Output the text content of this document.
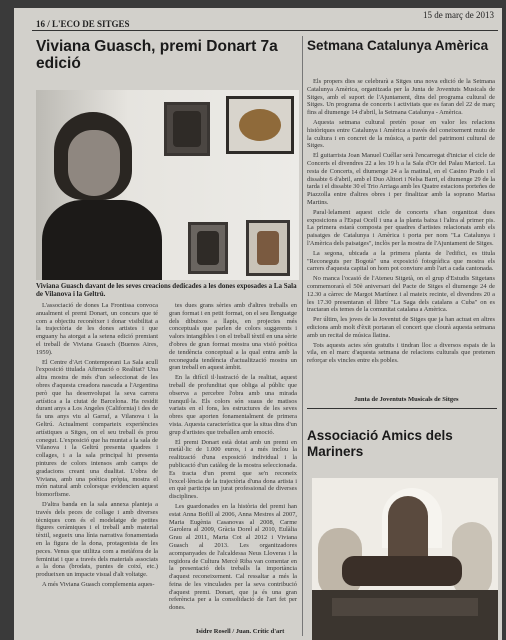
16 / L'ECO DE SITGES
15 de març de 2013
Viviana Guasch, premi Donart 7a edició
Viviana Guasch davant de les seves creacions dedicades a les dones exposades a La Sala de Vilanova i la Geltrú.

L'associació de dones La Frontissa convoca anualment el premi Donart, un concurs que té com a objectiu reconèixer i donar visibilitat a la trajectòria de les dones artistes i que enguany ha atorgat a la setena edició premiant el treball de Viviana Guasch (Buenos Aires, 1959).

El Centre d'Art Contemporani La Sala acull l'exposició titulada Afirmació o Realitat? Una altra mostra de més d'un seleccionat de les obres d'aquesta creadora nascuda a l'Argentina però que ha desenvolupat la seva carrera artística a la ciutat de Barcelona. Ha residit durant anys a Los Angeles (California) i des de fa uns anys viu al Garraf, a Vilanova i la Geltrú. Actualment comparteix experiències artístiques a Sitges, on el seu treball és prou conegut. L'exposició que ha muntat a la sala de Vilanova i la Geltrú presenta quadres i collages, i a la sala principal hi presenta pintures de colors intensos amb camps de gradacions creant una dualitat. L'obra de Viviana, amb una poètica pròpia, mostra el món natural amb colorsque evidencien aquest biomorfisme.

D'altra banda en la sala annexa planteja a través dels peces de collage i amb diverses tècniques com és el modelatge de petites figures ceràmiques i el treball amb material tèxtil, segueix una línia narrativa fonamentada en la figura de la dona, protagonista de les peces. Venus que utilitza com a metàfora de la feminitat i que a través dels materials associats a la dona (brodats, puntes de coixí, etc.) produeixen un impacte visual d'alt voltatge.

A més Viviana Guasch complementa aques-

tes dues grans sèries amb d'altres treballs en gran format i en petit format, on el seu llenguatge dels dibuixos a llapis, en projectes més conceptuals que parlen de colors suggerents i valors intangibles i on el treball tèxtil en una sèrie d'obres de gran format mostra una visió poètica de tendència conceptual a la qual entra amb la reconeguda tendència d'actualització mostra un gran treball en aquest àmbit.

En la difícil il·lustració de la realitat, aquest treball de profunditat que obliga al públic que observa a percebre l'obra amb una mirada tranquil·la. Els colors són suaus de matisos variats en el fons, les estructures de les seves obres que aporten fonamentalment de primera vista. Aquesta característica que la situa dins d'un grup d'artistes que treballen amb emoció.

El premi Donart està dotat amb un premi en metàl·lic de 1.000 euros, i a més inclou la realització d'una exposició individual i la publicació d'un catàleg de la mostra seleccionada. Es tracta d'un premi que se'n reconeix l'excel·lència de la trajectòria d'una dona artista i en què participa un jurat professional de diverses disciplines.

Les guardonades en la història del premi han estat Anna Bofill al 2006, Anna Mestres al 2007, Maria Eugènia Casanovas al 2008, Carme Garolera al 2009, Gràcia Dorel al 2010, Eulàlia Grau al 2011, Marta Cot al 2012 i Viviana Guasch al 2013. Les organitzadores acompanyades de l'alcaldessa Neus Lloveras i la regidora de Cultura Mercè Riba van comentar en la presentació dels treballs la importància d'aquest reconeixement. Cal ressaltar a més la feina de les vinculades per la seva contribució d'aquest premi. Donart, que ja és una gran referència per a la consolidació de l'art fet per dones.

Isidre Rosell / Juan. Crític d'art
Setmana Catalunya Amèrica

Els propers dies se celebrarà a Sitges una nova edició de la Setmana Catalunya Amèrica, organitzada per la Junta de Joventuts Musicals de Sitges, amb el suport de l'Ajuntament, dins del programa cultural de Sitges. Un programa de concerts i activitats que es faran del 22 de març fins al diumenge 14 d'abril, la Setmana Catalunya - Amèrica.

Aquesta setmana cultural pretén posar en valor les relacions històriques entre Catalunya i Amèrica a través del coneixement mutu de la cultura i en concret de la música, a partir del patrimoni cultural de Sitges.

El guitarrista Joan Manuel Cuéllar serà l'encarregat d'iniciar el cicle de Concerts el divendres 22 a les 19 h a la Sala d'Or del Palau Maricel. La resta de Concerts, el diumenge 24 a la matinal, en el Casino Prado i el dissabte 6 d'abril, amb el Duo Alttori i Nelsa Barri, el diumenge 29 de la tarda i el dissabte 30 el Trio Arriaga amb les Quatre estacions porteñes de Piazzolla entre d'altres obres i per finalitzar amb la soprano Marisa Martins.

Paral·lelament aquest cicle de concerts s'han organitzat dues exposicions a l'Espai Ocell i una a la planta baixa i l'altra al primer pis. La primera estarà composta per quadres d'artistes relacionats amb els paisatges de Catalunya i Amèrica i porta per nom "La Catalunya i l'Amèrica dels paisatges", inclòs per la mostra de l'Ajuntament de Sitges.

La segona, ubicada a la primera planta de l'edifici, es titula "Reconeguts per Bogotà" una exposició fotogràfica que mostra els carrers d'aquesta capital on hom pot conviure amb l'art a cada cantonada.

No manca l'ocasió de l'Ateneu Sitgetà, on el grup d'Estudis Sitgetans commemorarà el 50è aniversari del Pacte de Sitges el diumenge 24 de 12.30 a càrrec de Margot Martínez i al mateix recinte, el divendres 20 a les 17.30 presentaran el llibre "La Saga dels catalans a Cuba" on es tractaran els temes de la comunitat catalana a Amèrica.

Per últim, les joves de la Joventut de Sitges que ja han actuat en altres edicions amb molt d'èxit portaran el concert que clourà aquesta setmana amb un recital de música llatina.

Tots aquests actes són gratuïts i tindran lloc a diversos espais de la vila, en el marc d'aquesta setmana de relacions culturals que pretenen reforçar els vincles entre els pobles.

Junta de Joventuts Musicals de Sitges
Associació Amics dels Mariners
